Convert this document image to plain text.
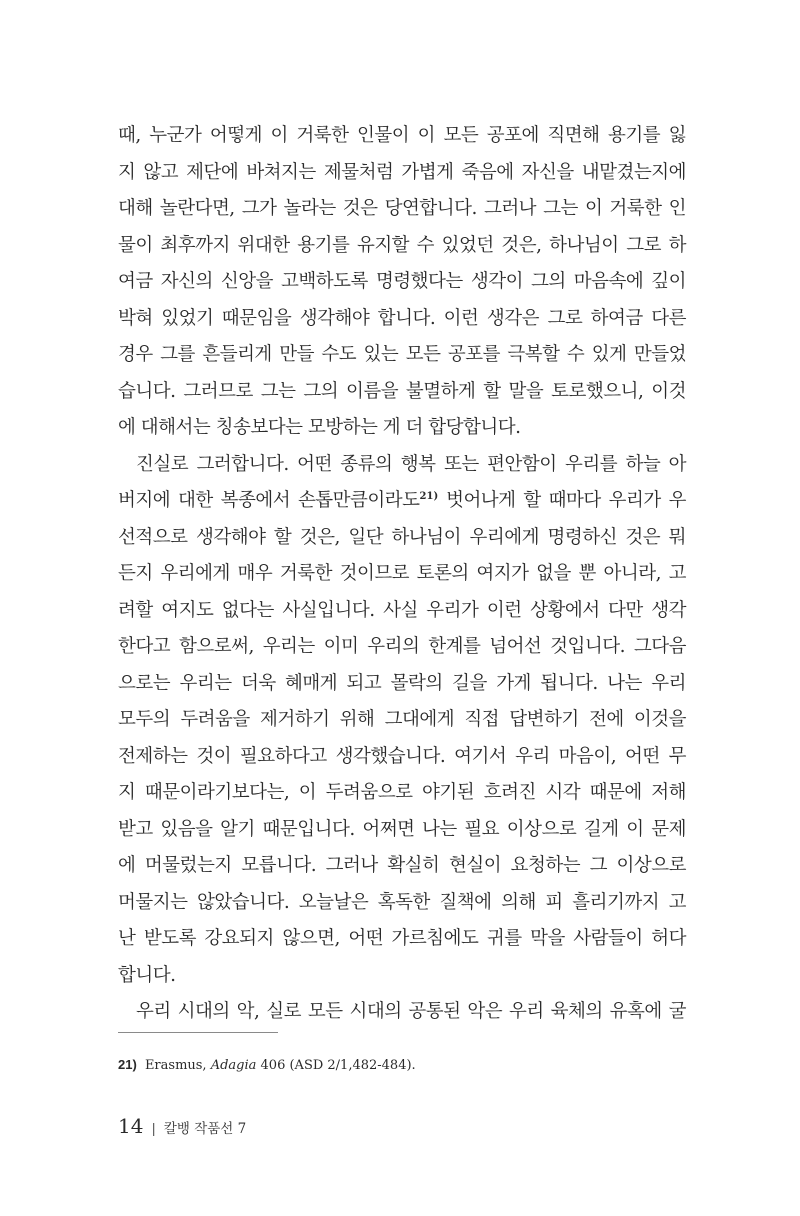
때, 누군가 어떻게 이 거룩한 인물이 이 모든 공포에 직면해 용기를 잃
지 않고 제단에 바쳐지는 제물처럼 가볍게 죽음에 자신을 내맡겼는지에
대해 놀란다면, 그가 놀라는 것은 당연합니다. 그러나 그는 이 거룩한 인
물이 최후까지 위대한 용기를 유지할 수 있었던 것은, 하나님이 그로 하
여금 자신의 신앙을 고백하도록 명령했다는 생각이 그의 마음속에 깊이
박혀 있었기 때문임을 생각해야 합니다. 이런 생각은 그로 하여금 다른
경우 그를 흔들리게 만들 수도 있는 모든 공포를 극복할 수 있게 만들었
습니다. 그러므로 그는 그의 이름을 불멸하게 할 말을 토로했으니, 이것
에 대해서는 칭송보다는 모방하는 게 더 합당합니다.
진실로 그러합니다. 어떤 종류의 행복 또는 편안함이 우리를 하늘 아
버지에 대한 복종에서 손톱만큼이라도$^{21)}$ 벗어나게 할 때마다 우리가 우
선적으로 생각해야 할 것은, 일단 하나님이 우리에게 명령하신 것은 뭐
든지 우리에게 매우 거룩한 것이므로 토론의 여지가 없을 뿐 아니라, 고
려할 여지도 없다는 사실입니다. 사실 우리가 이런 상황에서 다만 생각
한다고 함으로써, 우리는 이미 우리의 한계를 넘어선 것입니다. 그다음
으로는 우리는 더욱 혜매게 되고 몰락의 길을 가게 됩니다. 나는 우리
모두의 두려움을 제거하기 위해 그대에게 직접 답변하기 전에 이것을
전제하는 것이 필요하다고 생각했습니다. 여기서 우리 마음이, 어떤 무
지 때문이라기보다는, 이 두려움으로 야기된 흐려진 시각 때문에 저해
받고 있음을 알기 때문입니다. 어쩌면 나는 필요 이상으로 길게 이 문제
에 머물렀는지 모릅니다. 그러나 확실히 현실이 요청하는 그 이상으로
머물지는 않았습니다. 오늘날은 혹독한 질책에 의해 피 흘리기까지 고
난 받도록 강요되지 않으면, 어떤 가르침에도 귀를 막을 사람들이 허다
합니다.
우리 시대의 악, 실로 모든 시대의 공통된 악은 우리 육체의 유혹에 굴
21) Erasmus, Adagia 406 (ASD 2/1,482-484).
14 | 칼뱅 작품선 7
